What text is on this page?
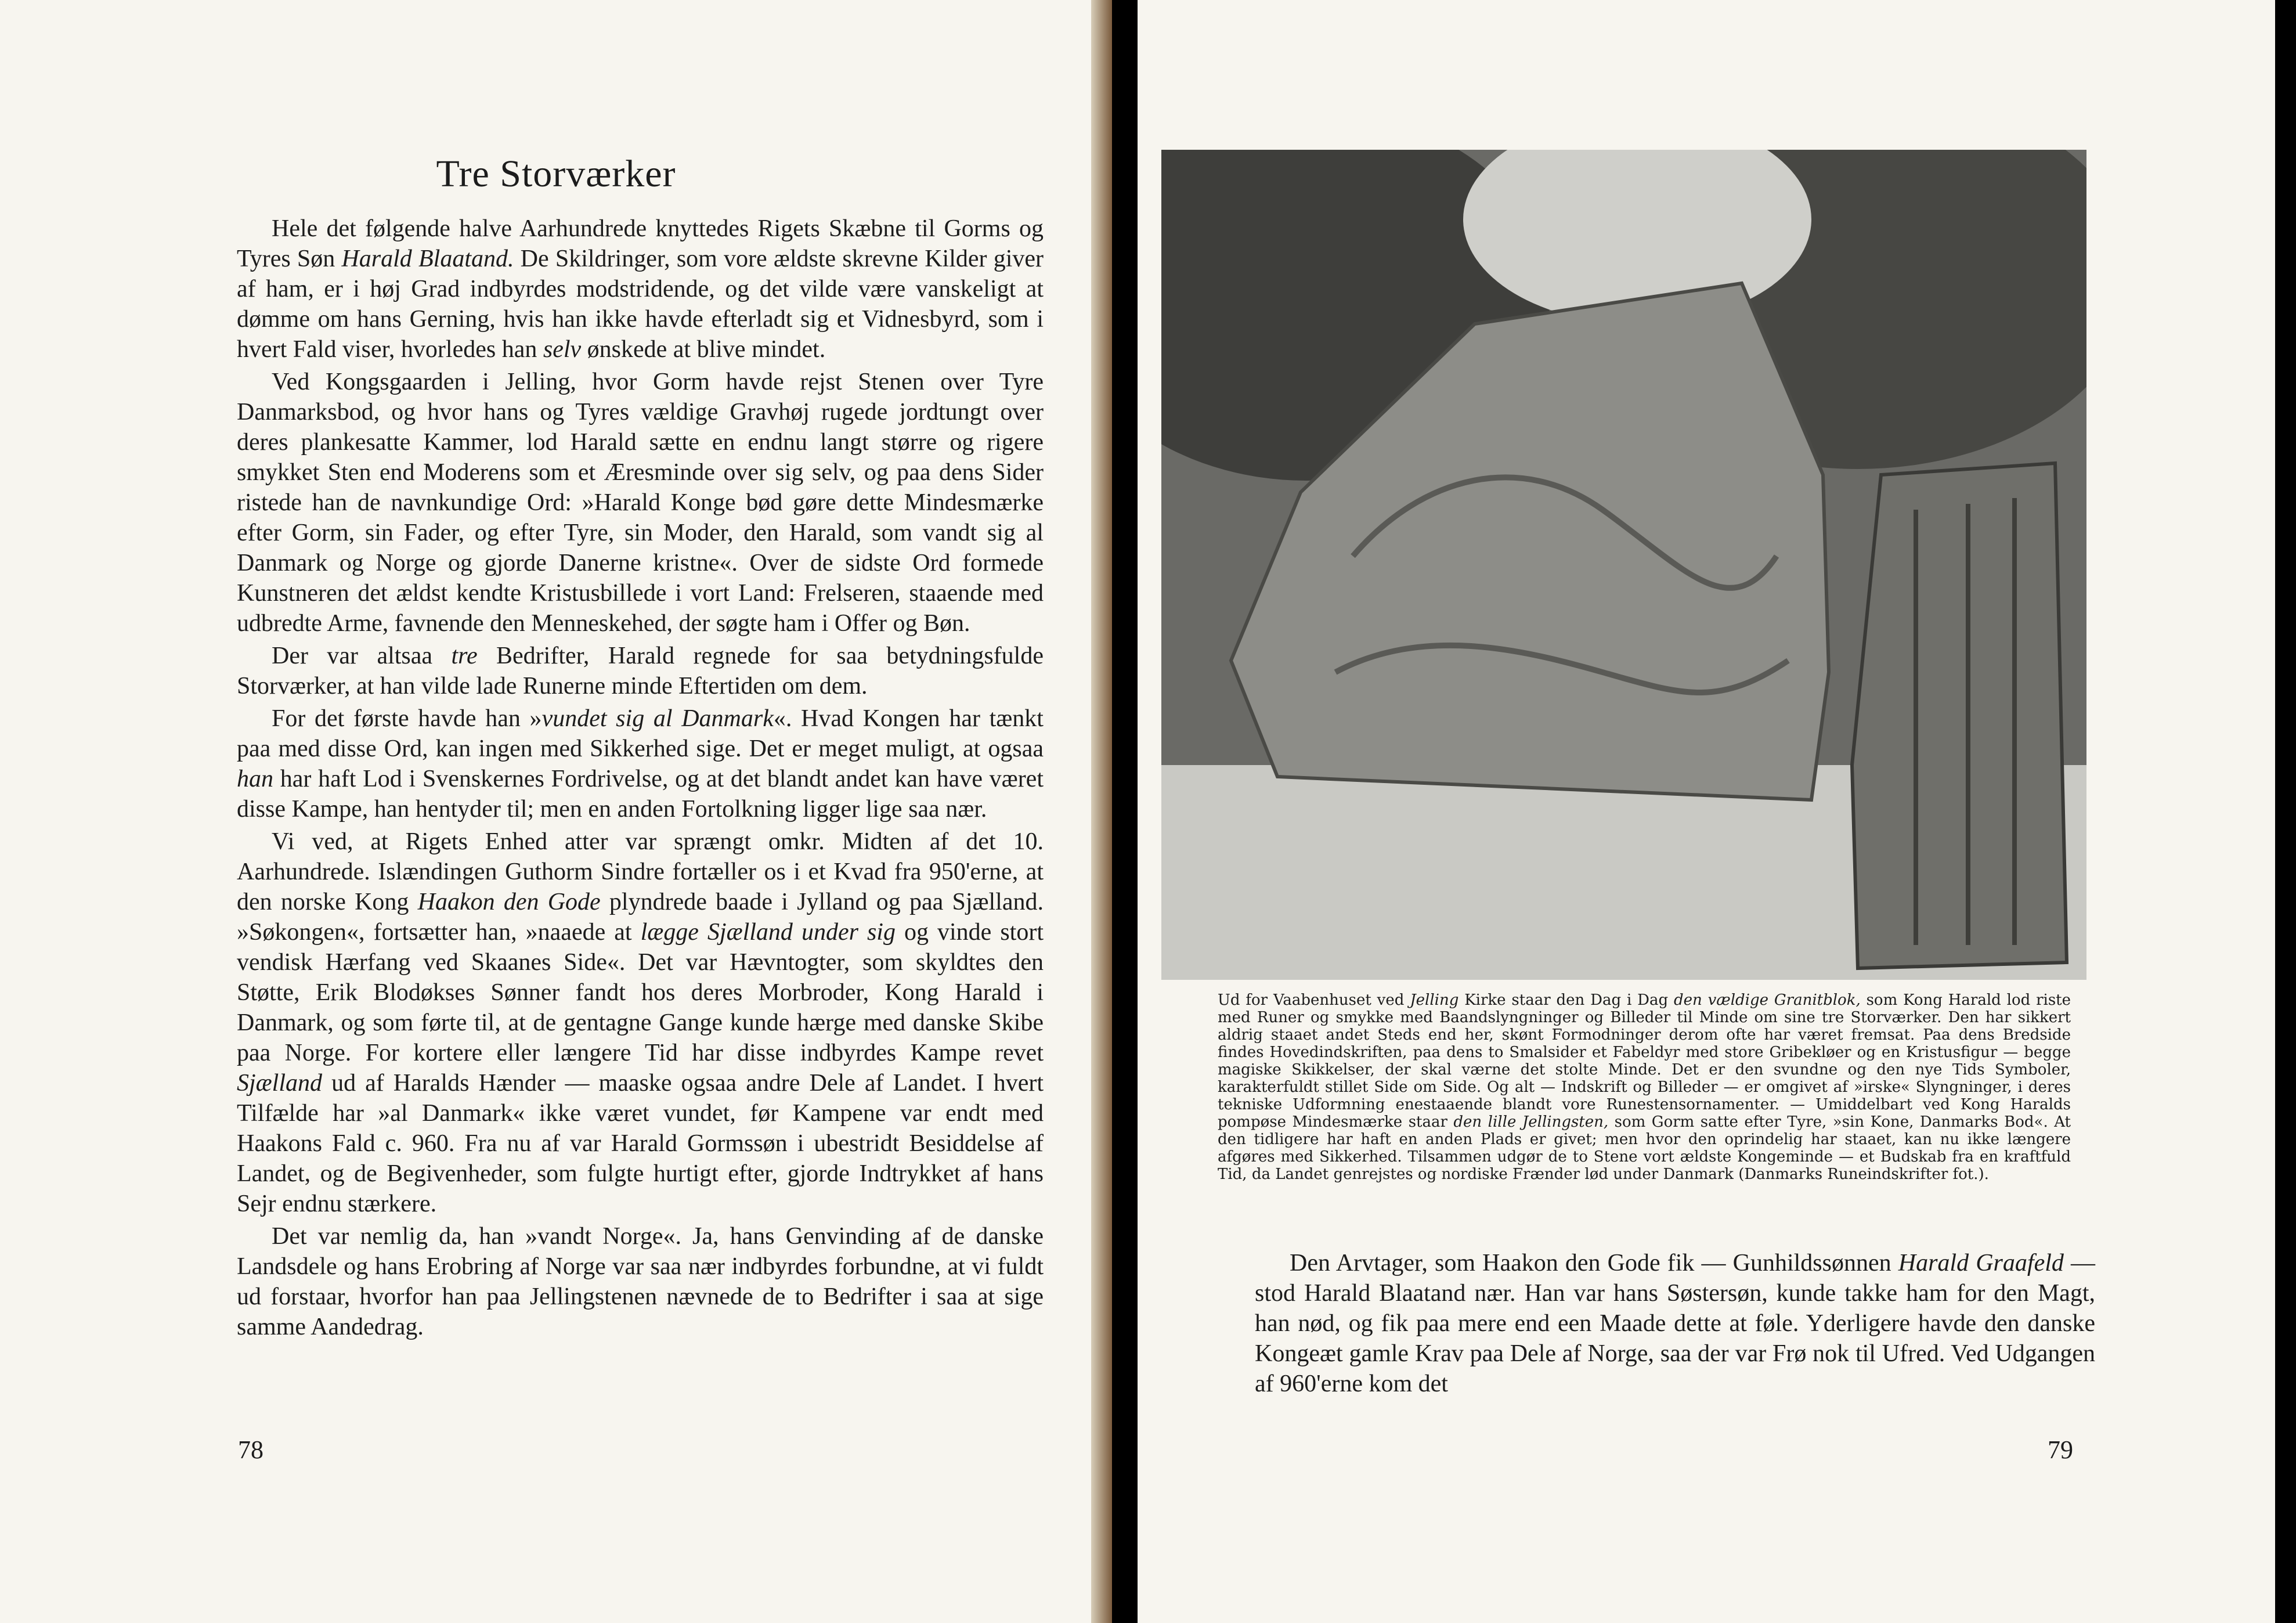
Tre Storværker

Hele det følgende halve Aarhundrede knyttedes Rigets Skæbne til Gorms og Tyres Søn Harald Blaatand. De Skildringer, som vore ældste skrevne Kilder giver af ham, er i høj Grad indbyrdes modstridende, og det vilde være vanskeligt at dømme om hans Gerning, hvis han ikke havde efterladt sig et Vidnesbyrd, som i hvert Fald viser, hvorledes han selv ønskede at blive mindet.

Ved Kongsgaarden i Jelling, hvor Gorm havde rejst Stenen over Tyre Danmarksbod, og hvor hans og Tyres vældige Gravhøj rugede jordtungt over deres plankesatte Kammer, lod Harald sætte en endnu langt større og rigere smykket Sten end Moderens som et Æresminde over sig selv, og paa dens Sider ristede han de navnkundige Ord: »Harald Konge bød gøre dette Mindesmærke efter Gorm, sin Fader, og efter Tyre, sin Moder, den Harald, som vandt sig al Danmark og Norge og gjorde Danerne kristne«. Over de sidste Ord formede Kunstneren det ældst kendte Kristusbillede i vort Land: Frelseren, staaende med udbredte Arme, favnende den Menneskehed, der søgte ham i Offer og Bøn.

Der var altsaa tre Bedrifter, Harald regnede for saa betydningsfulde Storværker, at han vilde lade Runerne minde Eftertiden om dem.

For det første havde han »vundet sig al Danmark«. Hvad Kongen har tænkt paa med disse Ord, kan ingen med Sikkerhed sige. Det er meget muligt, at ogsaa han har haft Lod i Svenskernes Fordrivelse, og at det blandt andet kan have været disse Kampe, han hentyder til; men en anden Fortolkning ligger lige saa nær.

Vi ved, at Rigets Enhed atter var sprængt omkr. Midten af det 10. Aarhundrede. Islændingen Guthorm Sindre fortæller os i et Kvad fra 950'erne, at den norske Kong Haakon den Gode plyndrede baade i Jylland og paa Sjælland. »Søkongen«, fortsætter han, »naaede at lægge Sjælland under sig og vinde stort vendisk Hærfang ved Skaanes Side«. Det var Hævntogter, som skyldtes den Støtte, Erik Blodøkses Sønner fandt hos deres Morbroder, Kong Harald i Danmark, og som førte til, at de gentagne Gange kunde hærge med danske Skibe paa Norge. For kortere eller længere Tid har disse indbyrdes Kampe revet Sjælland ud af Haralds Hænder — maaske ogsaa andre Dele af Landet. I hvert Tilfælde har »al Danmark« ikke været vundet, før Kampene var endt med Haakons Fald c. 960. Fra nu af var Harald Gormssøn i ubestridt Besiddelse af Landet, og de Begivenheder, som fulgte hurtigt efter, gjorde Indtrykket af hans Sejr endnu stærkere.

Det var nemlig da, han »vandt Norge«. Ja, hans Genvinding af de danske Landsdele og hans Erobring af Norge var saa nær indbyrdes forbundne, at vi fuldt ud forstaar, hvorfor han paa Jellingstenen nævnede de to Bedrifter i saa at sige samme Aandedrag.

78

Ud for Vaabenhuset ved Jelling Kirke staar den Dag i Dag den vældige Granitblok, som Kong Harald lod riste med Runer og smykke med Baandslyngninger og Billeder til Minde om sine tre Storværker. Den har sikkert aldrig staaet andet Steds end her, skønt Formodninger derom ofte har været fremsat. Paa dens Bredside findes Hovedindskriften, paa dens to Smalsider et Fabeldyr med store Gribekløer og en Kristusfigur — begge magiske Skikkelser, der skal værne det stolte Minde. Det er den svundne og den nye Tids Symboler, karakterfuldt stillet Side om Side. Og alt — Indskrift og Billeder — er omgivet af »irske« Slyngninger, i deres tekniske Udformning enestaaende blandt vore Runestensornamenter. — Umiddelbart ved Kong Haralds pompøse Mindesmærke staar den lille Jellingsten, som Gorm satte efter Tyre, »sin Kone, Danmarks Bod«. At den tidligere har haft en anden Plads er givet; men hvor den oprindelig har staaet, kan nu ikke længere afgøres med Sikkerhed. Tilsammen udgør de to Stene vort ældste Kongeminde — et Budskab fra en kraftfuld Tid, da Landet genrejstes og nordiske Frænder lød under Danmark (Danmarks Runeindskrifter fot.).

Den Arvtager, som Haakon den Gode fik — Gunhildssønnen Harald Graafeld — stod Harald Blaatand nær. Han var hans Søstersøn, kunde takke ham for den Magt, han nød, og fik paa mere end een Maade dette at føle. Yderligere havde den danske Kongeæt gamle Krav paa Dele af Norge, saa der var Frø nok til Ufred. Ved Udgangen af 960'erne kom det

79
